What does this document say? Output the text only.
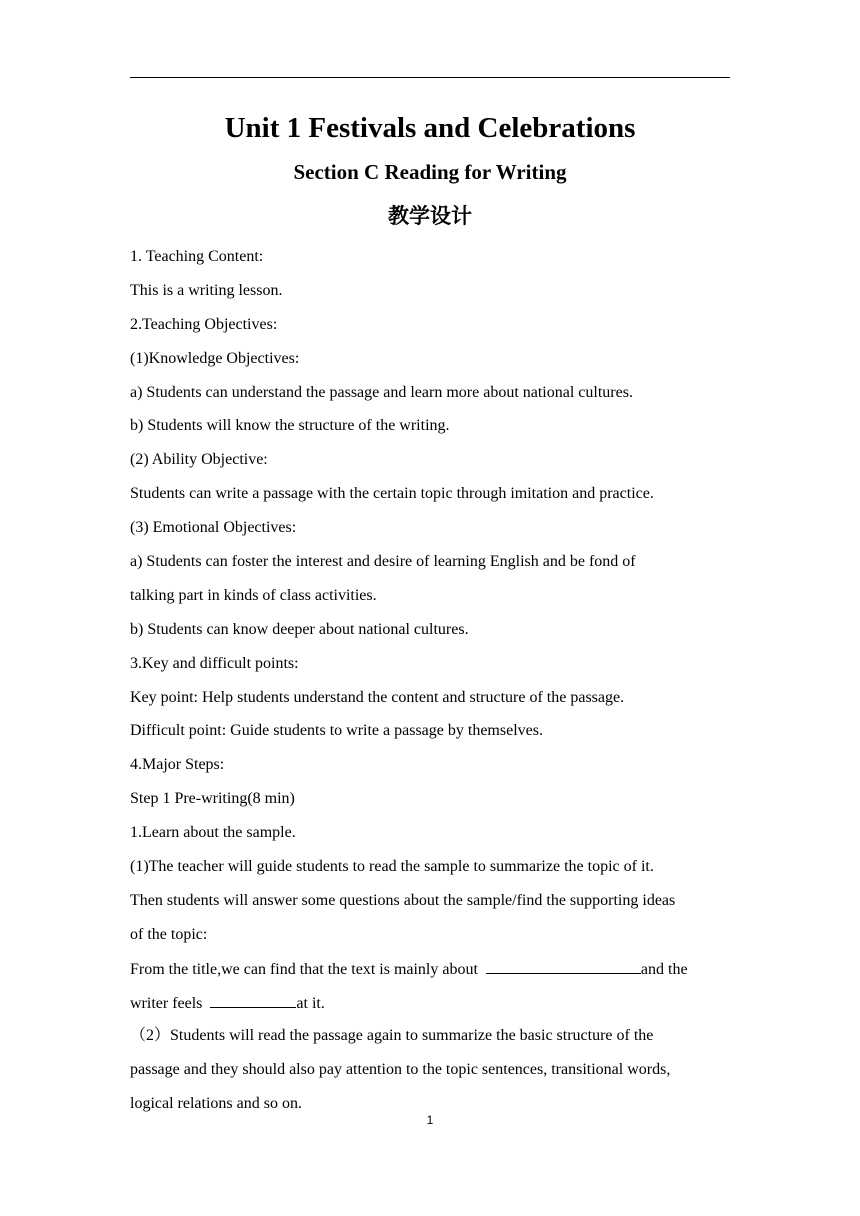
Unit 1 Festivals and Celebrations
Section C Reading for Writing
教学设计
1. Teaching Content:
This is a writing lesson.
2.Teaching Objectives:
(1)Knowledge Objectives:
a) Students can understand the passage and learn more about national cultures.
b) Students will know the structure of the writing.
(2) Ability Objective:
Students can write a passage with the certain topic through imitation and practice.
(3) Emotional Objectives:
a) Students can foster the interest and desire of learning English and be fond of
talking part in kinds of class activities.
b) Students can know deeper about national cultures.
3.Key and difficult points:
Key point: Help students understand the content and structure of the passage.
Difficult point: Guide students to write a passage by themselves.
4.Major Steps:
Step 1 Pre-writing(8 min)
1.Learn about the sample.
(1)The teacher will guide students to read the sample to summarize the topic of it.
Then students will answer some questions about the sample/find the supporting ideas
of the topic:
From the title,we can find that the text is mainly about	and the
writer feels	at it.
（2）Students will read the passage again to summarize the basic structure of the
passage and they should also pay attention to the topic sentences, transitional words,
logical relations and so on.
1
